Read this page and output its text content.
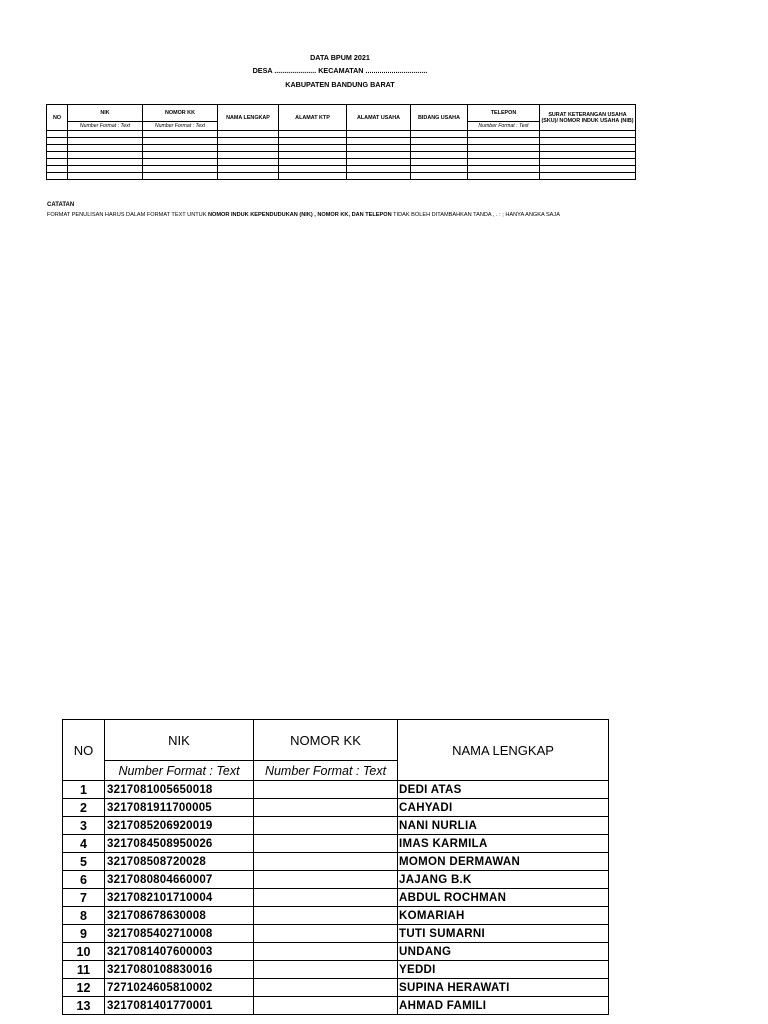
DATA BPUM 2021
DESA ..................... KECAMATAN ...............................
KABUPATEN BANDUNG BARAT
NO	NIK	NOMOR KK	NAMA LENGKAP	ALAMAT KTP	ALAMAT USAHA	BIDANG USAHA	TELEPON	SURAT KETERANGAN USAHA (SKU)/ NOMOR INDUK USAHA (NIB)
	Number Format : Text	Number Format : Text					Number Format : Text	

CATATAN
FORMAT PENULISAN HARUS DALAM FORMAT TEXT UNTUK NOMOR INDUK KEPENDUDUKAN (NIK) , NOMOR KK, DAN TELEPON TIDAK BOLEH DITAMBAHKAN TANDA , . : ; HANYA ANGKA SAJA
NO	NIK	NOMOR KK	NAMA LENGKAP
	Number Format : Text	Number Format : Text	
1	3217081005650018		DEDI ATAS
2	3217081911700005		CAHYADI
3	3217085206920019		NANI NURLIA
4	3217084508950026		IMAS KARMILA
5	321708508720028		MOMON DERMAWAN
6	3217080804660007		JAJANG B.K
7	3217082101710004		ABDUL ROCHMAN
8	321708678630008		KOMARIAH
9	3217085402710008		TUTI SUMARNI
10	3217081407600003		UNDANG
11	3217080108830016		YEDDI
12	7271024605810002		SUPINA HERAWATI
13	3217081401770001		AHMAD FAMILI
